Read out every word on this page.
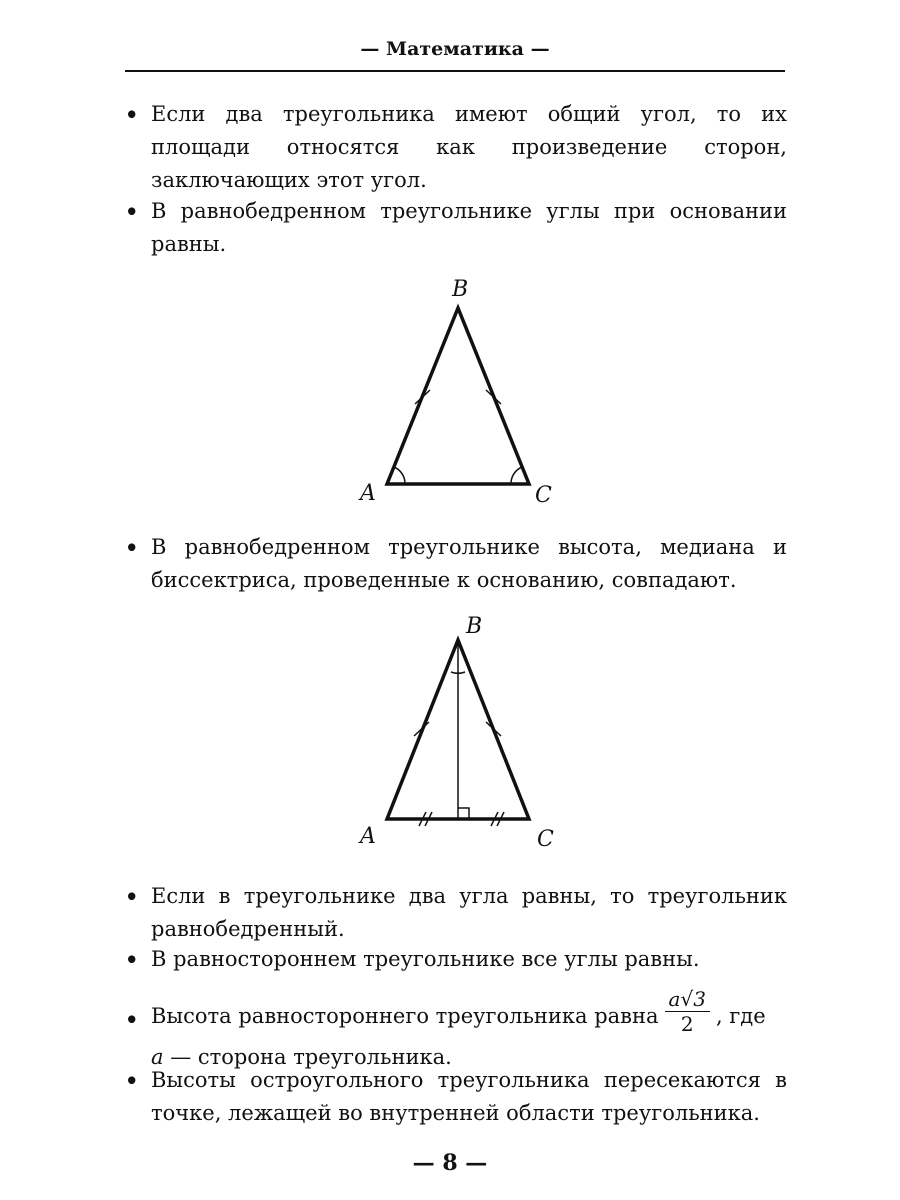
— Математика —
• Если два треугольника имеют общий угол, то их площади относятся как произведение сторон, заключающих этот угол.
• В равнобедренном треугольнике углы при основании равны.
B
A	C
• В равнобедренном треугольнике высота, медиана и биссектриса, проведенные к основанию, совпадают.
B
A	C
• Если в треугольнике два угла равны, то треугольник равнобедренный.
• В равностороннем треугольнике все углы равны.
• Высота равностороннего треугольника равна $\frac{a√3}{2}$ , где
a — сторона треугольника.
• Высоты остроугольного треугольника пересекаются в точке, лежащей во внутренней области треугольника.
— 8 —
